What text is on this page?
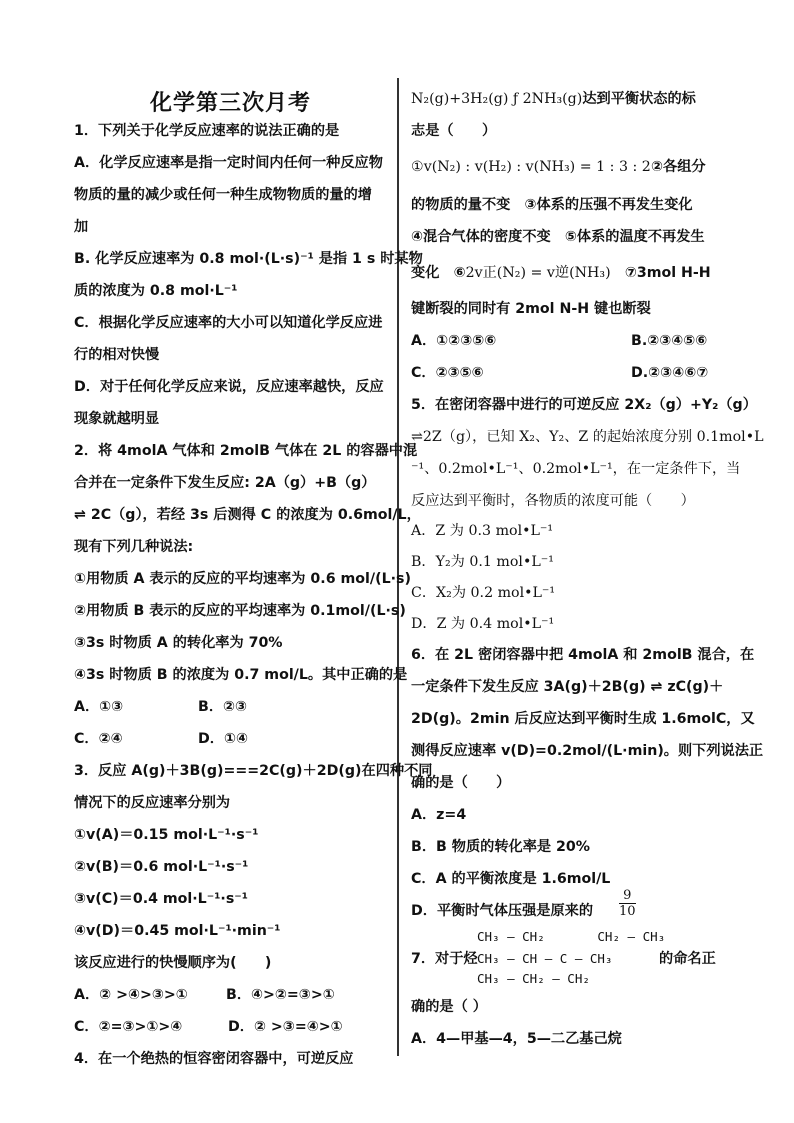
化学第三次月考
1．下列关于化学反应速率的说法正确的是
A．化学反应速率是指一定时间内任何一种反应物
物质的量的减少或任何一种生成物物质的量的增
加
B. 化学反应速率为 0.8 mol·(L·s)⁻¹ 是指 1 s 时某物
质的浓度为 0.8 mol·L⁻¹
C．根据化学反应速率的大小可以知道化学反应进
行的相对快慢
D．对于任何化学反应来说，反应速率越快，反应
现象就越明显
2．将 4molA 气体和 2molB 气体在 2L 的容器中混
合并在一定条件下发生反应: 2A（g）+B（g）
⇌ 2C（g），若经 3s 后测得 C 的浓度为 0.6mol/L，
现有下列几种说法:
①用物质 A 表示的反应的平均速率为 0.6 mol/(L·s)
②用物质 B 表示的反应的平均速率为 0.1mol/(L·s)
③3s 时物质 A 的转化率为 70%
④3s 时物质 B 的浓度为 0.7 mol/L。其中正确的是
A．①③	B．②③
C．②④	D．①④
3．反应 A(g)＋3B(g)===2C(g)＋2D(g)在四种不同
情况下的反应速率分别为
①v(A)＝0.15 mol·L⁻¹·s⁻¹
②v(B)＝0.6 mol·L⁻¹·s⁻¹
③v(C)＝0.4 mol·L⁻¹·s⁻¹
④v(D)＝0.45 mol·L⁻¹·min⁻¹
该反应进行的快慢顺序为(　　)
A．② >④>③>①	B．④>②=③>①
C．②=③>①>④	D．② >③=④>①
4．在一个绝热的恒容密闭容器中，可逆反应
N₂(g)+3H₂(g) ƒ 2NH₃(g)达到平衡状态的标
志是（　　）
①v(N₂) : v(H₂) : v(NH₃) = 1 : 3 : 2 ②各组分
的物质的量不变　③体系的压强不再发生变化
④混合气体的密度不变　⑤体系的温度不再发生
变化　⑥2v正(N₂) = v逆(NH₃)　⑦3mol H-H
键断裂的同时有 2mol N-H 键也断裂
A．①②③⑤⑥	B.②③④⑤⑥
C．②③⑤⑥	D.②③④⑥⑦
5．在密闭容器中进行的可逆反应 2X₂（g）+Y₂（g）
⇌2Z（g），已知 X₂、Y₂、Z 的起始浓度分别 0.1mol•L
⁻¹、0.2mol•L⁻¹、0.2mol•L⁻¹，在一定条件下，当
反应达到平衡时，各物质的浓度可能（　　）
A．Z 为 0.3 mol•L⁻¹
B．Y₂为 0.1 mol•L⁻¹
C．X₂为 0.2 mol•L⁻¹
D．Z 为 0.4 mol•L⁻¹
6．在 2L 密闭容器中把 4molA 和 2molB 混合，在
一定条件下发生反应 3A(g)＋2B(g) ⇌ zC(g)＋
2D(g)。2min 后反应达到平衡时生成 1.6molC，又
测得反应速率 v(D)=0.2mol/(L·min)。则下列说法正
确的是（　　）
A．z=4
B．B 物质的转化率是 20%
C．A 的平衡浓度是 1.6mol/L
D．平衡时气体压强是原来的 $\frac{9}{10}$
CH₃ — CH₂       CH₂ — CH₃
7．对于烃	的命名正
CH₃ — CH — C — CH₃
CH₃ — CH₂ — CH₂
确的是（ ）
A．4—甲基—4，5—二乙基己烷
